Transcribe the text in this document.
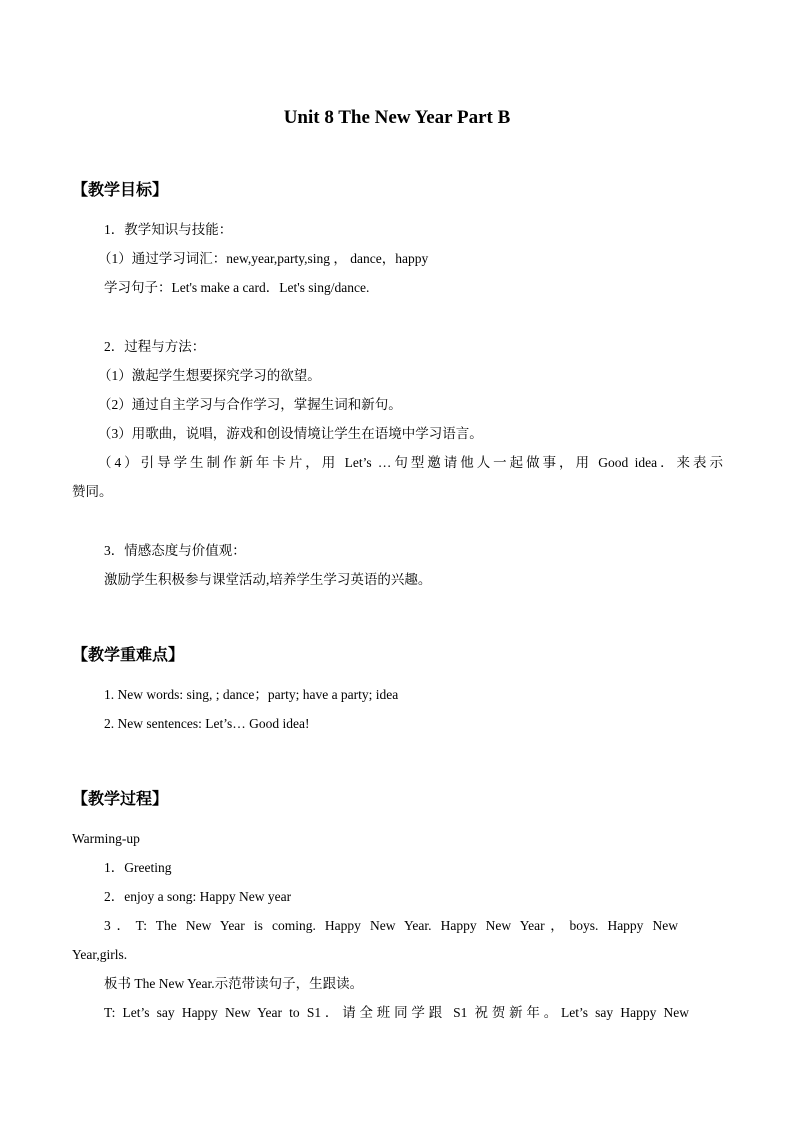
Unit 8 The New Year Part B
【教学目标】
1．教学知识与技能：
（1）通过学习词汇：new,year,party,sing ， dance，happy
学习句子：Let's make a card．Let's sing/dance.
2．过程与方法：
（1）激起学生想要探究学习的欲望。
（2）通过自主学习与合作学习，掌握生词和新句。
（3）用歌曲，说唱，游戏和创设情境让学生在语境中学习语言。
（4）引导学生制作新年卡片，用 Let’s …句型邀请他人一起做事，用 Good idea．来表示
赞同。
3．情感态度与价值观：
激励学生积极参与课堂活动,培养学生学习英语的兴趣。
【教学重难点】
1. New words: sing, ; dance；party; have a party; idea
2. New sentences: Let’s… Good idea!
【教学过程】
Warming-up
1．Greeting
2．enjoy a song: Happy New year
3．T: The New Year is coming. Happy New Year. Happy New Year，boys. Happy New
Year,girls.
板书 The New Year.示范带读句子，生跟读。
T: Let’s say Happy New Year to S1．请全班同学跟 S1 祝贺新年。Let’s say Happy New
